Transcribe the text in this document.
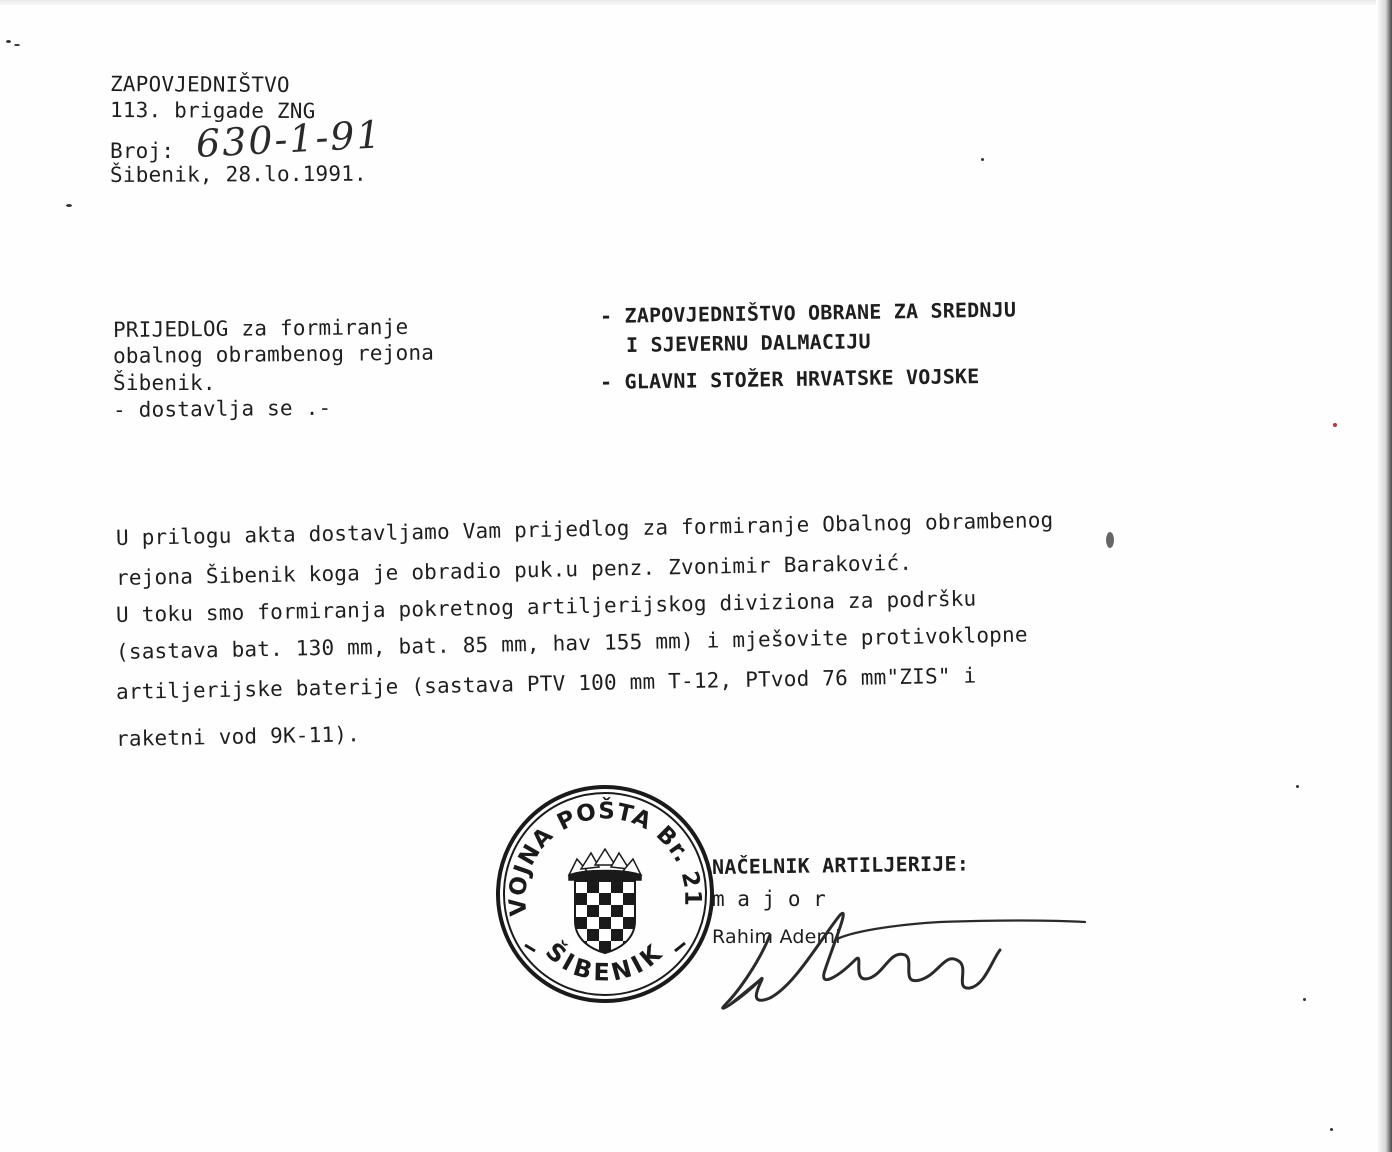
ZAPOVJEDNIŠTVO
113. brigade ZNG
Broj: 630-1-91
Šibenik, 28.lo.1991.
PRIJEDLOG za formiranje
obalnog obrambenog rejona
Šibenik.
- dostavlja se .-
- ZAPOVJEDNIŠTVO OBRANE ZA SREDNJU
I SJEVERNU DALMACIJU
- GLAVNI STOŽER HRVATSKE VOJSKE
U prilogu akta dostavljamo Vam prijedlog za formiranje Obalnog obrambenog
rejona Šibenik koga je obradio puk.u penz. Zvonimir Baraković.
U toku smo formiranja pokretnog artiljerijskog diviziona za podršku
(sastava bat. 130 mm, bat. 85 mm, hav 155 mm) i mješovite protivoklopne
artiljerijske baterije (sastava PTV 100 mm T-12, PTvod 76 mm"ZIS" i
raketni vod 9K-11).
NAČELNIK ARTILJERIJE:
m a j o r
Rahim Ademi
VOJNA POŠTA Br. 2135
ŠIBENIK
